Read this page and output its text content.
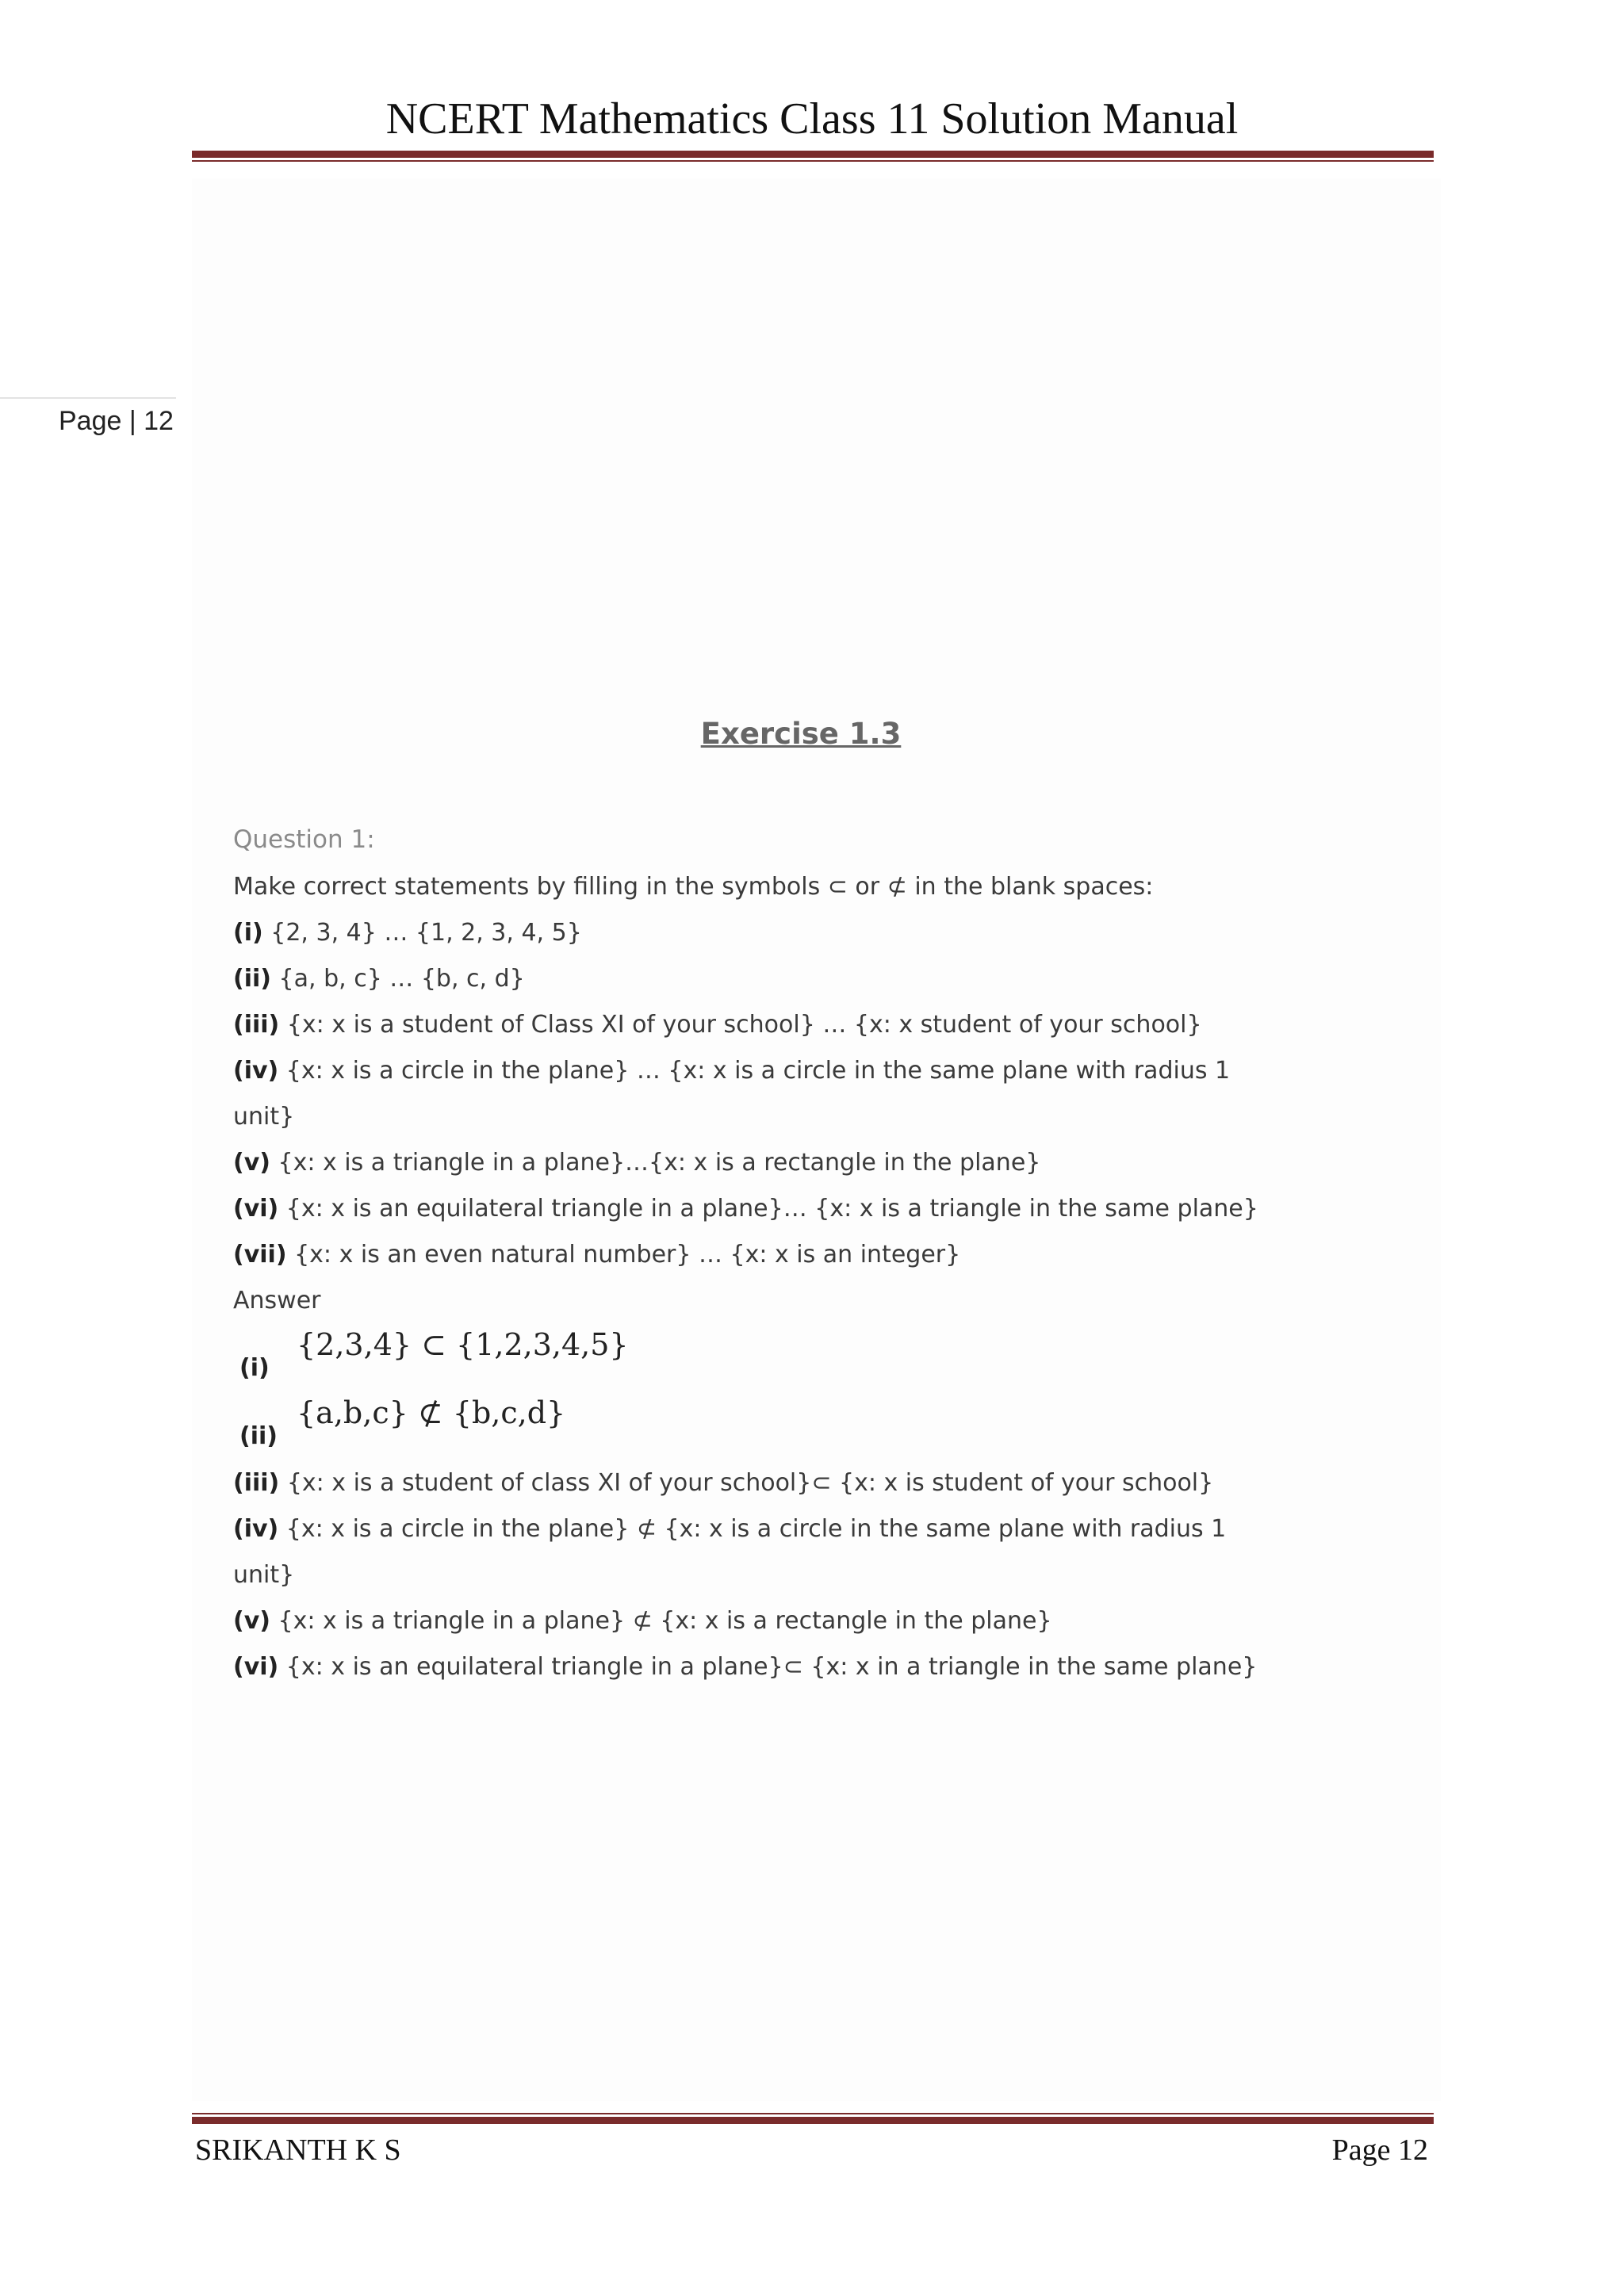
NCERT Mathematics Class 11 Solution Manual
Page | 12
Exercise 1.3
Question 1:
Make correct statements by filling in the symbols ⊂ or ⊄ in the blank spaces:
(i) {2, 3, 4} … {1, 2, 3, 4, 5}
(ii) {a, b, c} … {b, c, d}
(iii) {x: x is a student of Class XI of your school} … {x: x student of your school}
(iv) {x: x is a circle in the plane} … {x: x is a circle in the same plane with radius 1
unit}
(v) {x: x is a triangle in a plane}…{x: x is a rectangle in the plane}
(vi) {x: x is an equilateral triangle in a plane}… {x: x is a triangle in the same plane}
(vii) {x: x is an even natural number} … {x: x is an integer}
Answer
(i)
{2,3,4} ⊂ {1,2,3,4,5}
(ii)
{a,b,c} ⊄ {b,c,d}
(iii) {x: x is a student of class XI of your school}⊂ {x: x is student of your school}
(iv) {x: x is a circle in the plane} ⊄ {x: x is a circle in the same plane with radius 1
unit}
(v) {x: x is a triangle in a plane} ⊄ {x: x is a rectangle in the plane}
(vi) {x: x is an equilateral triangle in a plane}⊂ {x: x in a triangle in the same plane}
SRIKANTH K S	Page 12
